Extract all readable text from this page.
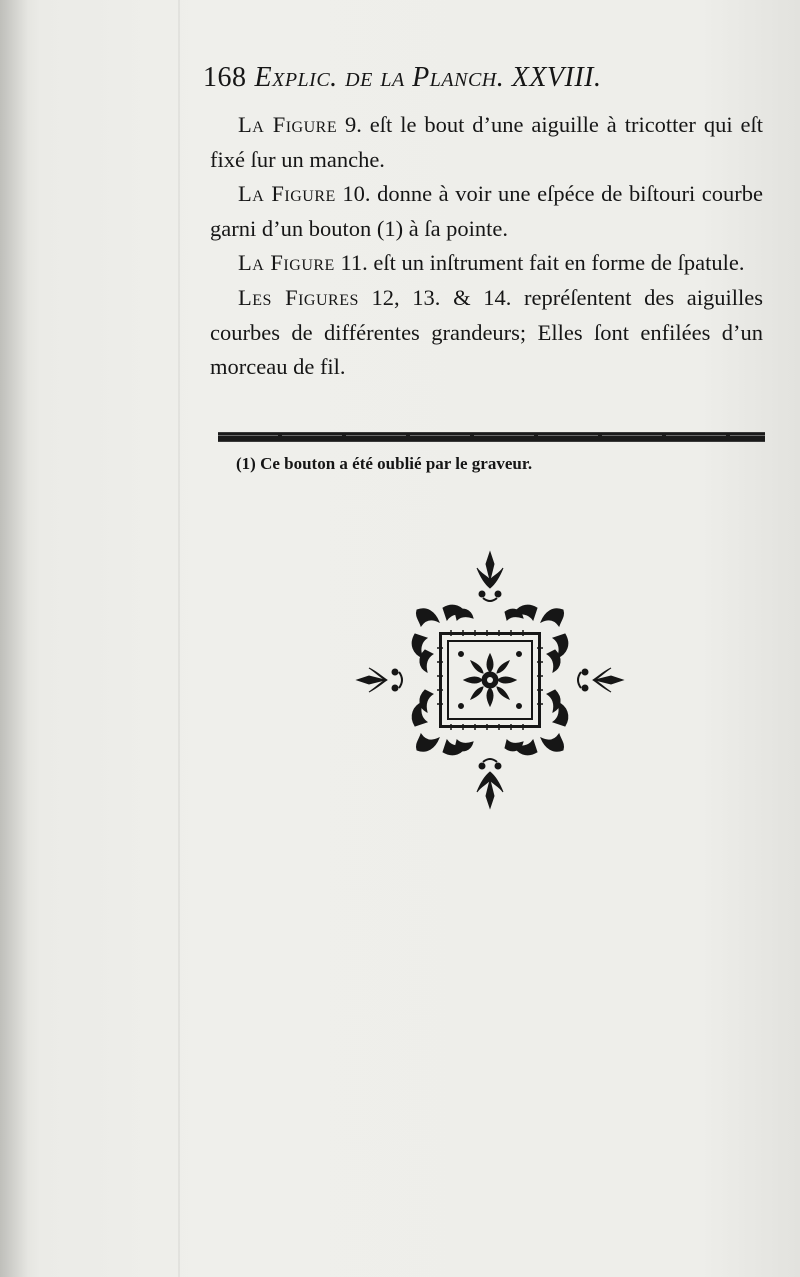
168 Explic. de la Planch. XXVIII.

La Figure 9. eſt le bout d’une aiguille à tricotter qui eſt fixé ſur un manche.

La Figure 10. donne à voir une eſpéce de biſtouri courbe garni d’un bouton (1) à ſa pointe.

La Figure 11. eſt un inſtrument fait en forme de ſpatule.

Les Figures 12, 13. & 14. repréſentent des aiguilles courbes de différentes grandeurs; Elles ſont enfilées d’un morceau de fil.

(1) Ce bouton a été oublié par le graveur.
